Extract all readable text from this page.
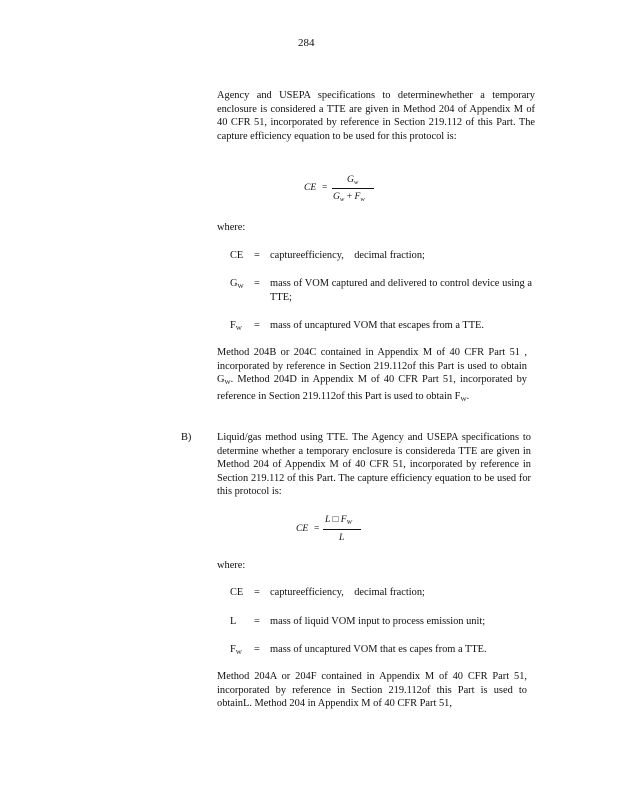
284
Agency and USEPA specifications to determinewhether a temporary enclosure is considered a TTE are given in Method 204 of Appendix M of 40 CFR 51, incorporated by reference in Section 219.112 of this Part. The capture efficiency equation to be used for this protocol is:
CE =
$G_w$
$G_w + F_w$
where:
CE = captureefficiency,    decimal fraction;
$G_W$ = mass of VOM captured and delivered to control device using a TTE;
$F_W$ = mass of uncaptured VOM that escapes from a TTE.
Method 204B or 204C contained in Appendix M of 40 CFR Part 51 , incorporated by reference in Section 219.112of this Part is used to obtain $G_W$. Method 204D in Appendix M of 40 CFR Part 51, incorporated by reference in Section 219.112of this Part is used to obtain $F_W$.
B) Liquid/gas method using TTE. The Agency and USEPA specifications to determine whether a temporary enclosure is considereda TTE are given in Method 204 of Appendix M of 40 CFR 51, incorporated by reference in Section 219.112 of this Part. The capture efficiency equation to be used for this protocol is:
CE =
L □ $F_W$
L
where:
CE = captureefficiency,    decimal fraction;
L = mass of liquid VOM input to process emission unit;
$F_W$ = mass of uncaptured VOM that es capes from a TTE.
Method 204A or 204F contained in Appendix M of 40 CFR Part 51, incorporated by reference in Section 219.112of this Part is used to obtainL. Method 204 in Appendix M of 40 CFR Part 51,
